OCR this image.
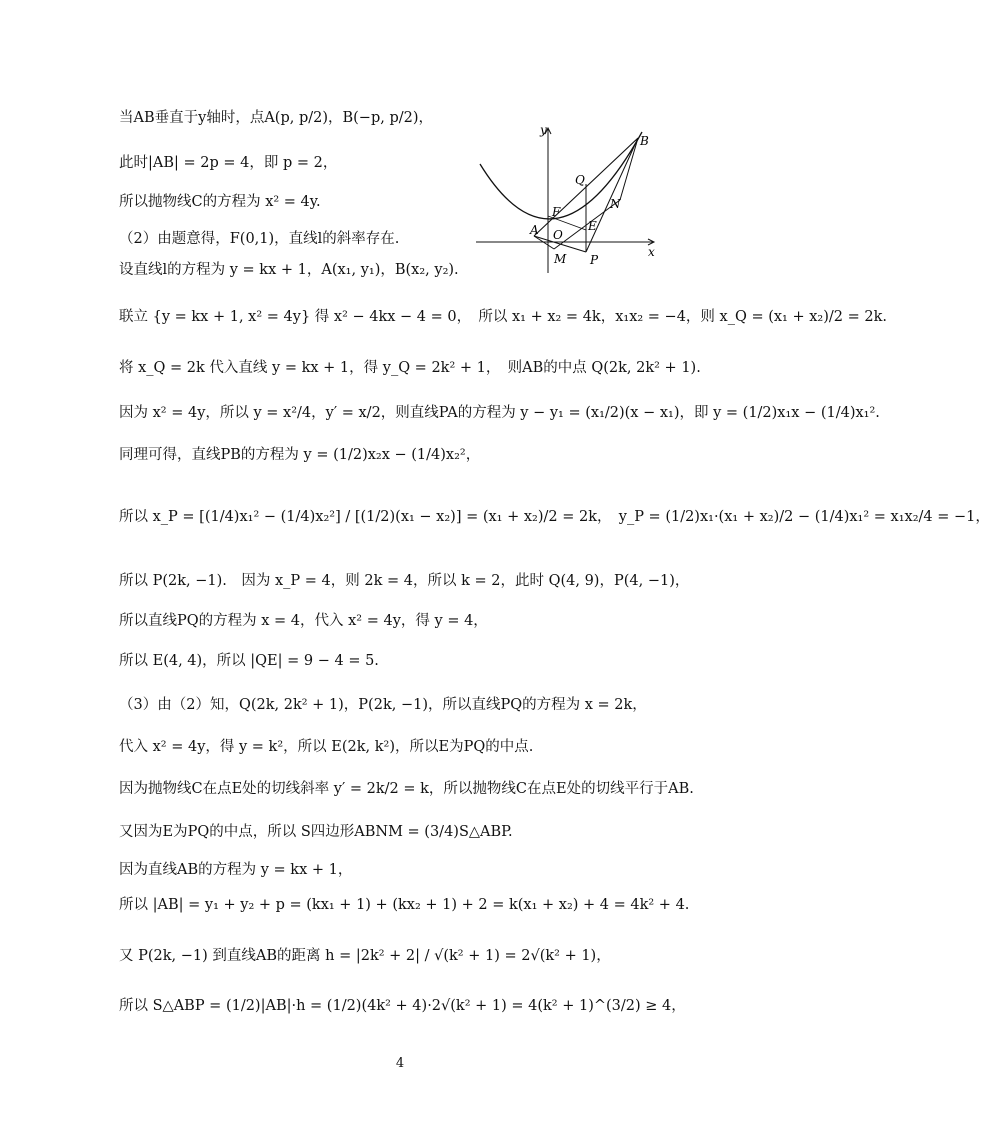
当AB垂直于y轴时，点A(p, p/2)，B(−p, p/2)，
此时|AB| = 2p = 4，即 p = 2，
所以抛物线C的方程为 x² = 4y.
（2）由题意得，F(0,1)，直线l的斜率存在.
设直线l的方程为 y = kx + 1，A(x₁, y₁)，B(x₂, y₂).
联立 {y = kx + 1, x² = 4y} 得 x² − 4kx − 4 = 0，　所以 x₁ + x₂ = 4k，x₁x₂ = −4，则 x_Q = (x₁ + x₂)/2 = 2k.
将 x_Q = 2k 代入直线 y = kx + 1，得 y_Q = 2k² + 1，　则AB的中点 Q(2k, 2k² + 1).
因为 x² = 4y，所以 y = x²/4，y′ = x/2，则直线PA的方程为 y − y₁ = (x₁/2)(x − x₁)，即 y = (1/2)x₁x − (1/4)x₁².
同理可得，直线PB的方程为 y = (1/2)x₂x − (1/4)x₂²，
所以 x_P = [(1/4)x₁² − (1/4)x₂²] / [(1/2)(x₁ − x₂)] = (x₁ + x₂)/2 = 2k，　y_P = (1/2)x₁·(x₁ + x₂)/2 − (1/4)x₁² = x₁x₂/4 = −1，
所以 P(2k, −1).　因为 x_P = 4，则 2k = 4，所以 k = 2，此时 Q(4, 9)，P(4, −1)，
所以直线PQ的方程为 x = 4，代入 x² = 4y，得 y = 4，
所以 E(4, 4)，所以 |QE| = 9 − 4 = 5.
（3）由（2）知，Q(2k, 2k² + 1)，P(2k, −1)，所以直线PQ的方程为 x = 2k，
代入 x² = 4y，得 y = k²，所以 E(2k, k²)，所以E为PQ的中点.
因为抛物线C在点E处的切线斜率 y′ = 2k/2 = k，所以抛物线C在点E处的切线平行于AB.
又因为E为PQ的中点，所以 S四边形ABNM = (3/4)S△ABP.
因为直线AB的方程为 y = kx + 1，
所以 |AB| = y₁ + y₂ + p = (kx₁ + 1) + (kx₂ + 1) + 2 = k(x₁ + x₂) + 4 = 4k² + 4.
又 P(2k, −1) 到直线AB的距离 h = |2k² + 2| / √(k² + 1) = 2√(k² + 1)，
所以 S△ABP = (1/2)|AB|·h = (1/2)(4k² + 4)·2√(k² + 1) = 4(k² + 1)^(3/2) ≥ 4，
y
x
B
Q
F
N
E
A O
M P
4
